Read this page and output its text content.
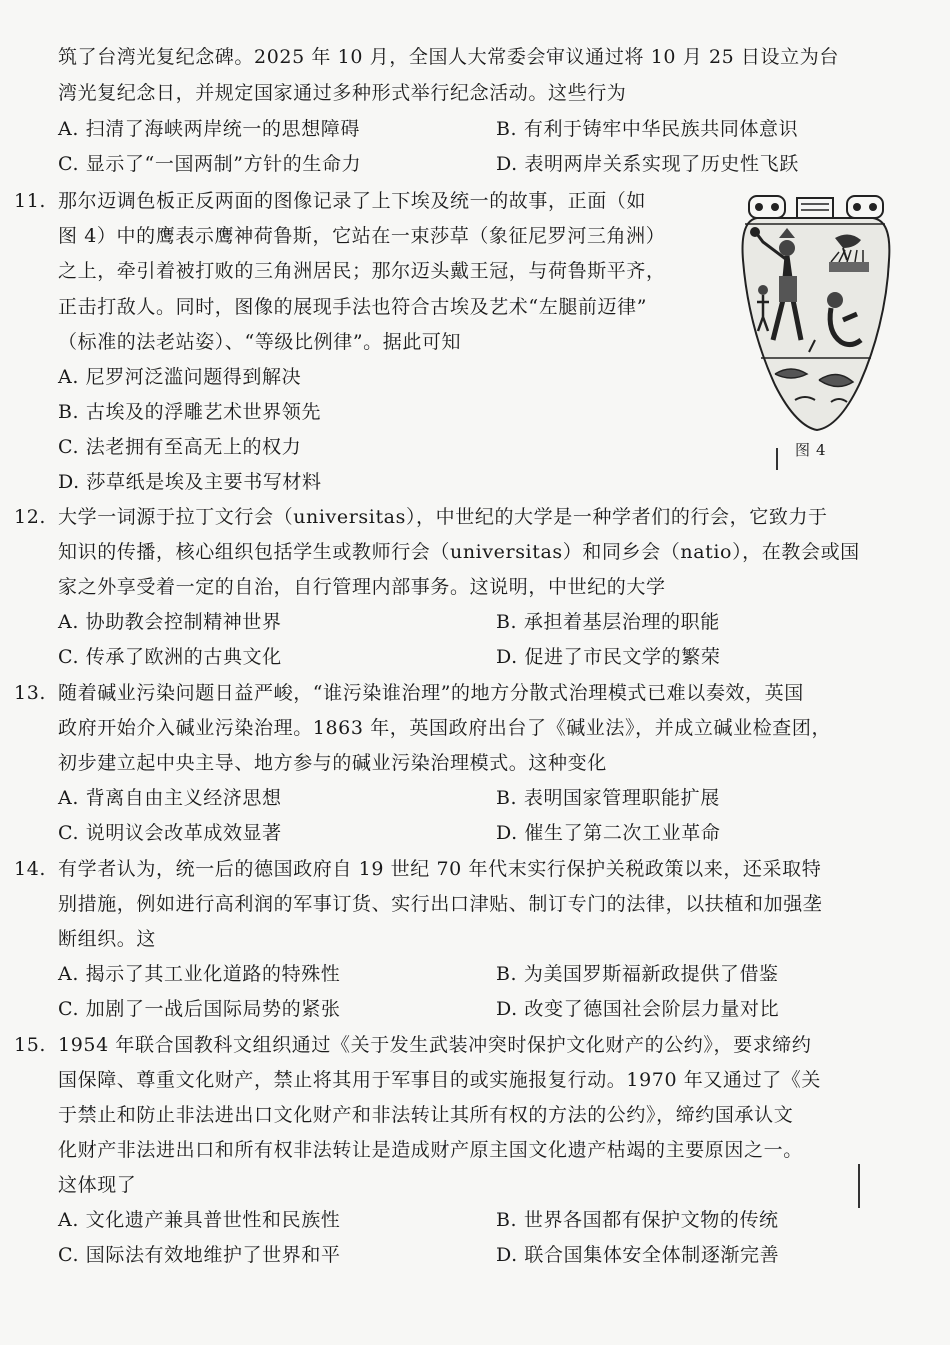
筑了台湾光复纪念碑。2025 年 10 月，全国人大常委会审议通过将 10 月 25 日设立为台
湾光复纪念日，并规定国家通过多种形式举行纪念活动。这些行为
A. 扫清了海峡两岸统一的思想障碍	B. 有利于铸牢中华民族共同体意识
C. 显示了“一国两制”方针的生命力	D. 表明两岸关系实现了历史性飞跃
11. 那尔迈调色板正反两面的图像记录了上下埃及统一的故事，正面（如
图 4）中的鹰表示鹰神荷鲁斯，它站在一束莎草（象征尼罗河三角洲）
之上，牵引着被打败的三角洲居民；那尔迈头戴王冠，与荷鲁斯平齐，
正击打敌人。同时，图像的展现手法也符合古埃及艺术“左腿前迈律”
（标准的法老站姿）、“等级比例律”。据此可知
A. 尼罗河泛滥问题得到解决
B. 古埃及的浮雕艺术世界领先
C. 法老拥有至高无上的权力
D. 莎草纸是埃及主要书写材料
图 4
12. 大学一词源于拉丁文行会（universitas），中世纪的大学是一种学者们的行会，它致力于
知识的传播，核心组织包括学生或教师行会（universitas）和同乡会（natio），在教会或国
家之外享受着一定的自治，自行管理内部事务。这说明，中世纪的大学
A. 协助教会控制精神世界	B. 承担着基层治理的职能
C. 传承了欧洲的古典文化	D. 促进了市民文学的繁荣
13. 随着碱业污染问题日益严峻，“谁污染谁治理”的地方分散式治理模式已难以奏效，英国
政府开始介入碱业污染治理。1863 年，英国政府出台了《碱业法》，并成立碱业检查团，
初步建立起中央主导、地方参与的碱业污染治理模式。这种变化
A. 背离自由主义经济思想	B. 表明国家管理职能扩展
C. 说明议会改革成效显著	D. 催生了第二次工业革命
14. 有学者认为，统一后的德国政府自 19 世纪 70 年代末实行保护关税政策以来，还采取特
别措施，例如进行高利润的军事订货、实行出口津贴、制订专门的法律，以扶植和加强垄
断组织。这
A. 揭示了其工业化道路的特殊性	B. 为美国罗斯福新政提供了借鉴
C. 加剧了一战后国际局势的紧张	D. 改变了德国社会阶层力量对比
15. 1954 年联合国教科文组织通过《关于发生武装冲突时保护文化财产的公约》，要求缔约
国保障、尊重文化财产，禁止将其用于军事目的或实施报复行动。1970 年又通过了《关
于禁止和防止非法进出口文化财产和非法转让其所有权的方法的公约》，缔约国承认文
化财产非法进出口和所有权非法转让是造成财产原主国文化遗产枯竭的主要原因之一。
这体现了
A. 文化遗产兼具普世性和民族性	B. 世界各国都有保护文物的传统
C. 国际法有效地维护了世界和平	D. 联合国集体安全体制逐渐完善
